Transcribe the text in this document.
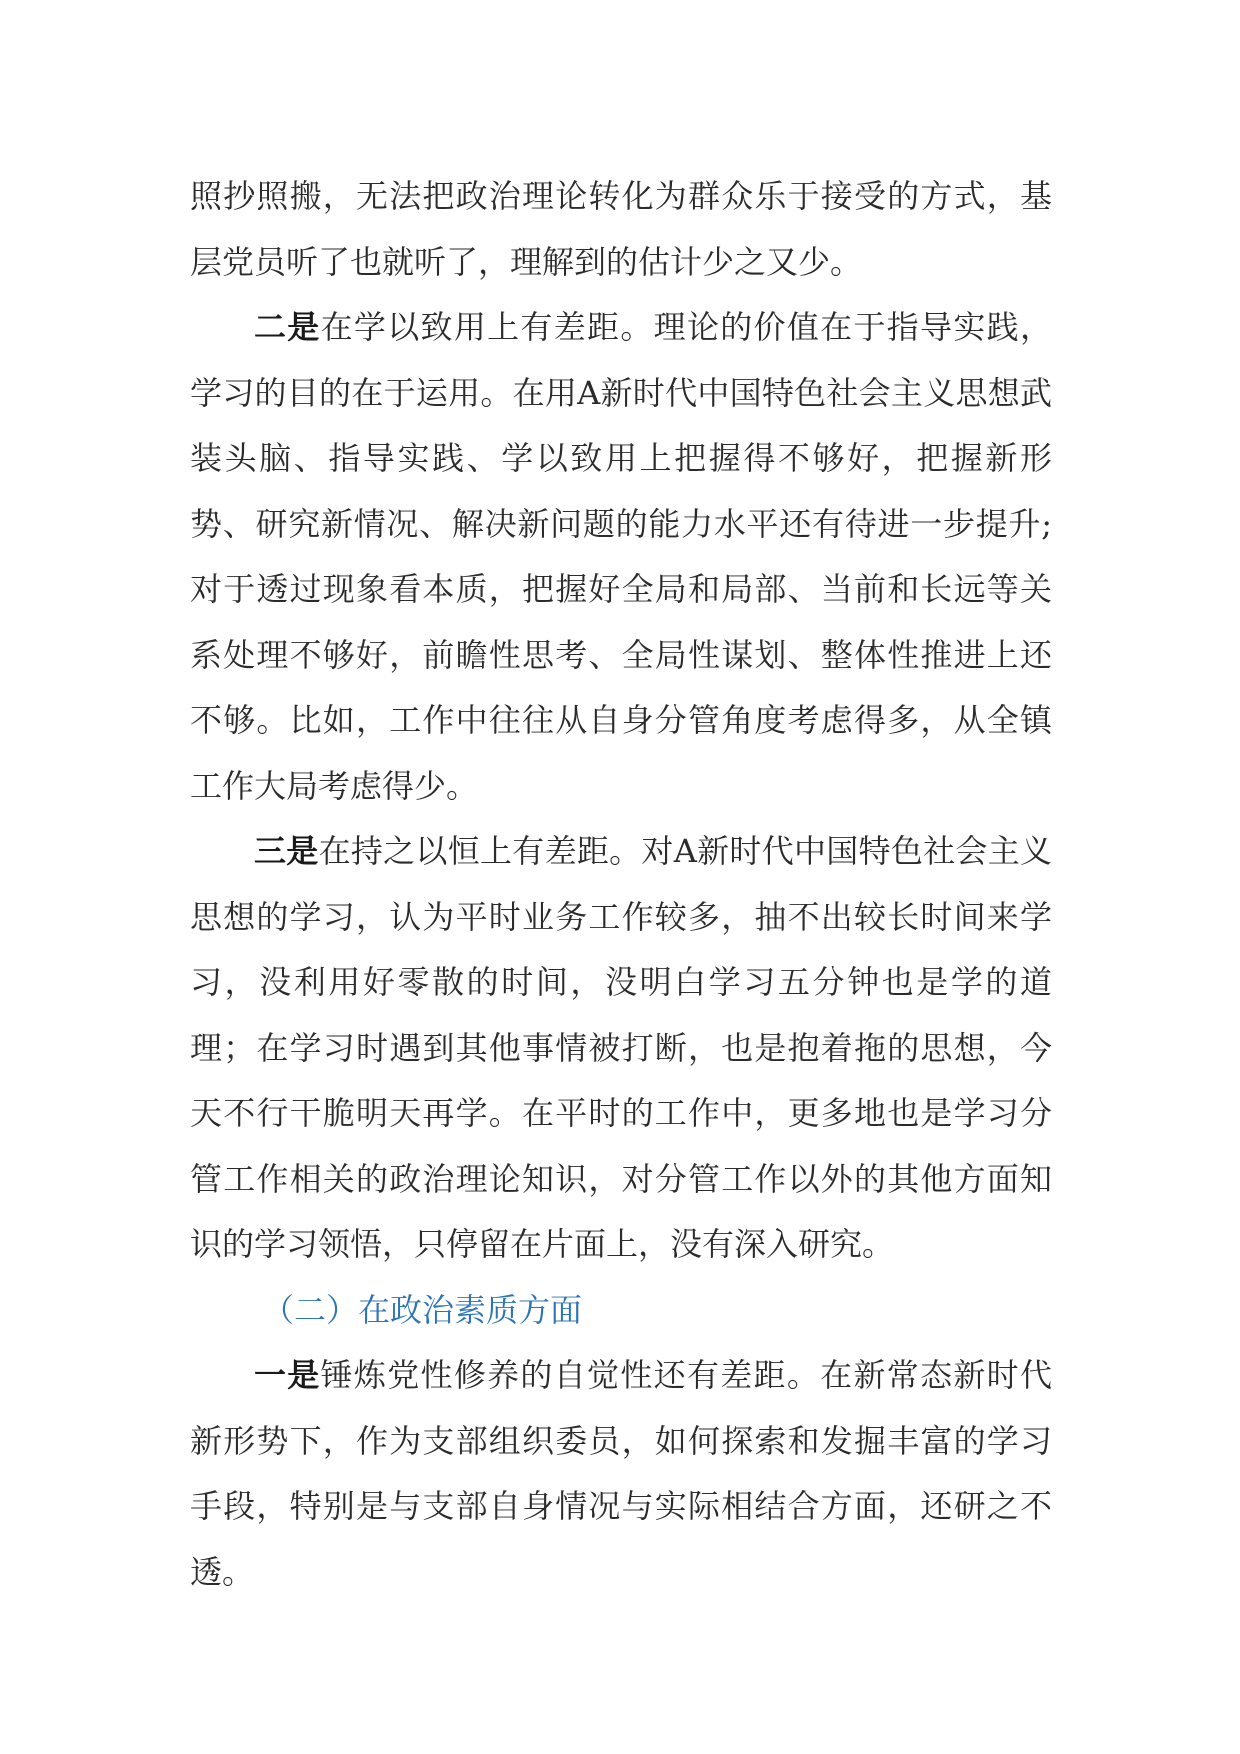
照抄照搬，无法把政治理论转化为群众乐于接受的方式，基层党员听了也就听了，理解到的估计少之又少。

二是在学以致用上有差距。理论的价值在于指导实践，学习的目的在于运用。在用A新时代中国特色社会主义思想武装头脑、指导实践、学以致用上把握得不够好，把握新形势、研究新情况、解决新问题的能力水平还有待进一步提升;对于透过现象看本质，把握好全局和局部、当前和长远等关系处理不够好，前瞻性思考、全局性谋划、整体性推进上还不够。比如，工作中往往从自身分管角度考虑得多，从全镇工作大局考虑得少。

三是在持之以恒上有差距。对A新时代中国特色社会主义思想的学习，认为平时业务工作较多，抽不出较长时间来学习，没利用好零散的时间，没明白学习五分钟也是学的道理；在学习时遇到其他事情被打断，也是抱着拖的思想，今天不行干脆明天再学。在平时的工作中，更多地也是学习分管工作相关的政治理论知识，对分管工作以外的其他方面知识的学习领悟，只停留在片面上，没有深入研究。

（二）在政治素质方面

一是锤炼党性修养的自觉性还有差距。在新常态新时代新形势下，作为支部组织委员，如何探索和发掘丰富的学习手段，特别是与支部自身情况与实际相结合方面，还研之不透。
